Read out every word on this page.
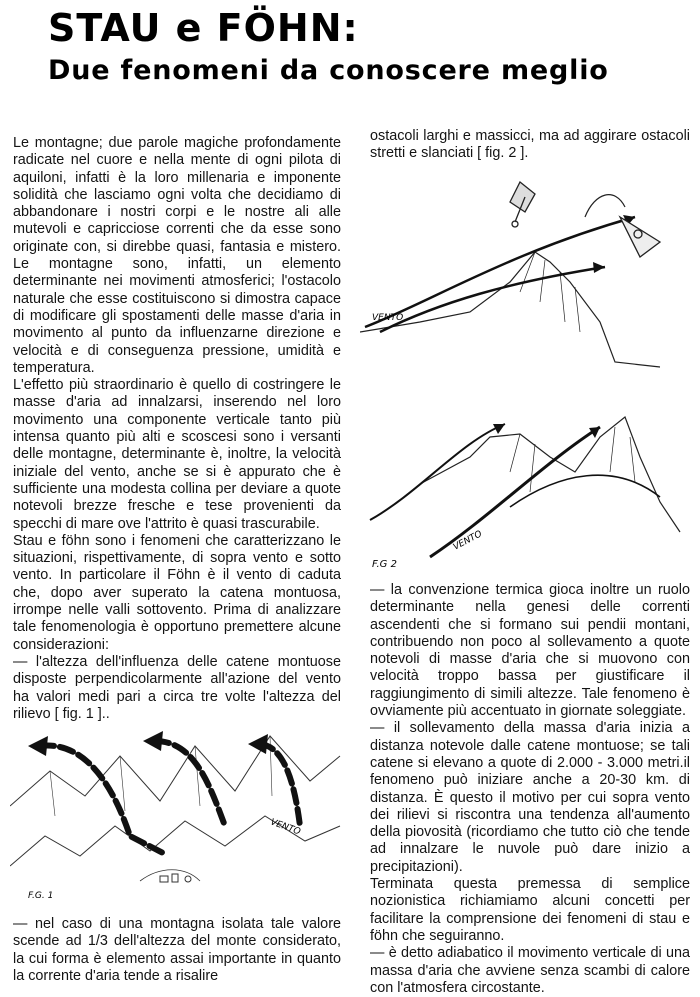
STAU e FÖHN:
Due fenomeni da conoscere meglio

Le montagne; due parole magiche profondamente radicate nel cuore e nella mente di ogni pilota di aquiloni, infatti è la loro millenaria e imponente solidità che lasciamo ogni volta che decidiamo di abbandonare i nostri corpi e le nostre ali alle mutevoli e capricciose correnti che da esse sono originate con, si direbbe quasi, fantasia e mistero. Le montagne sono, infatti, un elemento determinante nei movimenti atmosferici; l'ostacolo naturale che esse costituiscono si dimostra capace di modificare gli spostamenti delle masse d'aria in movimento al punto da influenzarne direzione e velocità e di conseguenza pressione, umidità e temperatura.

L'effetto più straordinario è quello di costringere le masse d'aria ad innalzarsi, inserendo nel loro movimento una componente verticale tanto più intensa quanto più alti e scoscesi sono i versanti delle montagne, determinante è, inoltre, la velocità iniziale del vento, anche se si è appurato che è sufficiente una modesta collina per deviare a quote notevoli brezze fresche e tese provenienti da specchi di mare ove l'attrito è quasi trascurabile.

Stau e föhn sono i fenomeni che caratterizzano le situazioni, rispettivamente, di sopra vento e sotto vento. In particolare il Föhn è il vento di caduta che, dopo aver superato la catena montuosa, irrompe nelle valli sottovento. Prima di analizzare tale fenomenologia è opportuno premettere alcune considerazioni:

— l'altezza dell'influenza delle catene montuose disposte perpendicolarmente all'azione del vento ha valori medi pari a circa tre volte l'altezza del rilievo [ fig. 1 ]..

ostacoli larghi e massicci, ma ad aggirare ostacoli stretti e slanciati [ fig. 2 ].

VENTO
VENTO
F.G 2

— la convenzione termica gioca inoltre un ruolo determinante nella genesi delle correnti ascendenti che si formano sui pendii montani, contribuendo non poco al sollevamento a quote notevoli di masse d'aria che si muovono con velocità troppo bassa per giustificare il raggiungimento di simili altezze. Tale fenomeno è ovviamente più accentuato in giornate soleggiate.

— il sollevamento della massa d'aria inizia a distanza notevole dalle catene montuose; se tali catene si elevano a quote di 2.000 - 3.000 metri.il fenomeno può iniziare anche a 20-30 km. di distanza. È questo il motivo per cui sopra vento dei rilievi si riscontra una tendenza all'aumento della piovosità (ricordiamo che tutto ciò che tende ad innalzare le nuvole può dare inizio a precipitazioni).

Terminata questa premessa di semplice nozionistica richiamiamo alcuni concetti per facilitare la comprensione dei fenomeni di stau e föhn che seguiranno.

— è detto adiabatico il movimento verticale di una massa d'aria che avviene senza scambi di calore con l'atmosfera circostante.

VENTO
F.G. 1

— nel caso di una montagna isolata tale valore scende ad 1/3 dell'altezza del monte considerato, la cui forma è elemento assai importante in quanto la corrente d'aria tende a risalire
